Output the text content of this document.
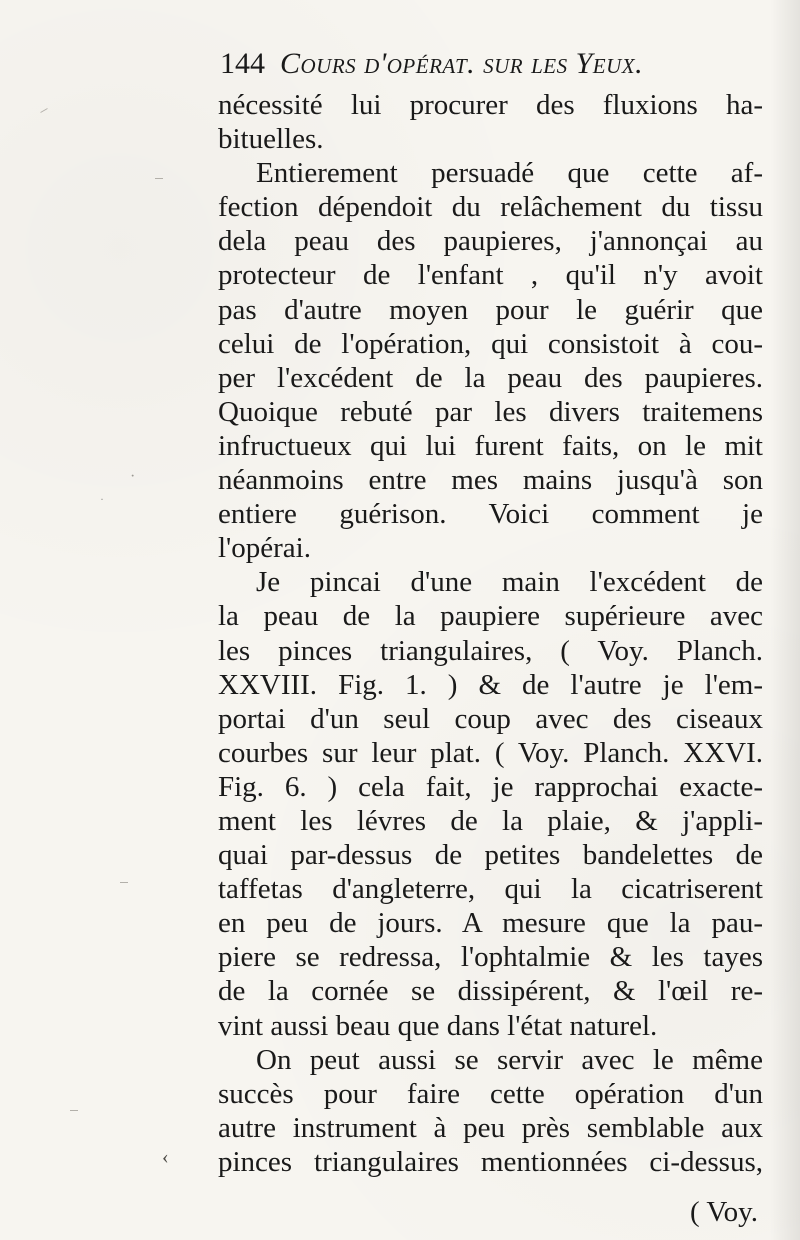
·
·
‹
144 Cours d'opérat. sur les Yeux.
nécessité lui procurer des fluxions ha-
bituelles.
Entierement persuadé que cette af-
fection dépendoit du relâchement du tissu
dela peau des paupieres, j'annonçai au
protecteur de l'enfant , qu'il n'y avoit
pas d'autre moyen pour le guérir que
celui de l'opération, qui consistoit à cou-
per l'excédent de la peau des paupieres.
Quoique rebuté par les divers traitemens
infructueux qui lui furent faits, on le mit
néanmoins entre mes mains jusqu'à son
entiere guérison. Voici comment je
l'opérai.
Je pincai d'une main l'excédent de
la peau de la paupiere supérieure avec
les pinces triangulaires, ( Voy. Planch.
XXVIII. Fig. 1. ) & de l'autre je l'em-
portai d'un seul coup avec des ciseaux
courbes sur leur plat. ( Voy. Planch. XXVI.
Fig. 6. ) cela fait, je rapprochai exacte-
ment les lévres de la plaie, & j'appli-
quai par-dessus de petites bandelettes de
taffetas d'angleterre, qui la cicatriserent
en peu de jours. A mesure que la pau-
piere se redressa, l'ophtalmie & les tayes
de la cornée se dissipérent, & l'œil re-
vint aussi beau que dans l'état naturel.
On peut aussi se servir avec le même
succès pour faire cette opération d'un
autre instrument à peu près semblable aux
pinces triangulaires mentionnées ci-dessus,
( Voy.
